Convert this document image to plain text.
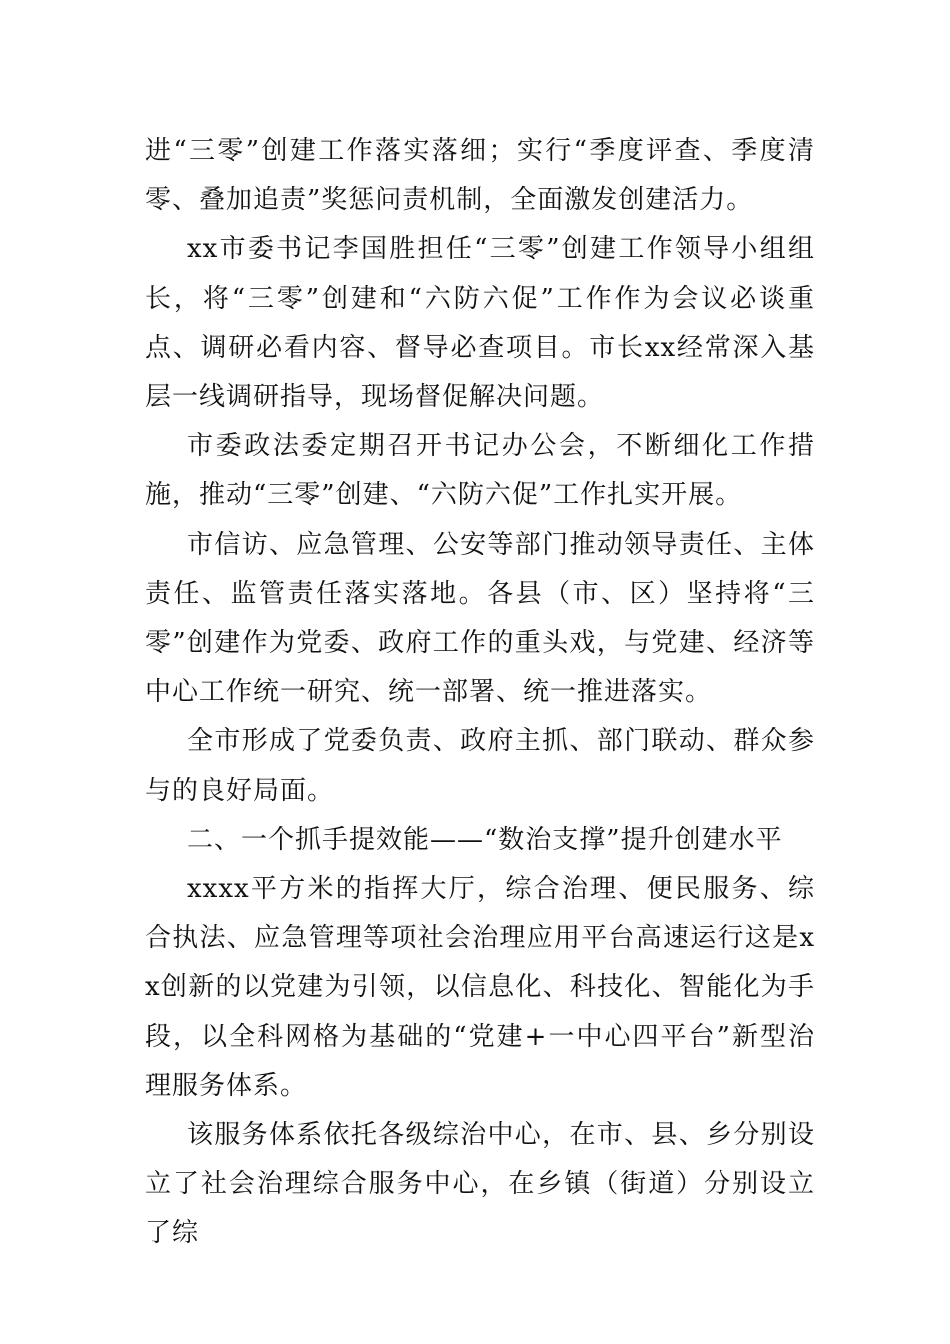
进“三零”创建工作落实落细；实行“季度评查、季度清零、叠加追责”奖惩问责机制，全面激发创建活力。

xx市委书记李国胜担任“三零”创建工作领导小组组长，将“三零”创建和“六防六促”工作作为会议必谈重点、调研必看内容、督导必查项目。市长xx经常深入基层一线调研指导，现场督促解决问题。

市委政法委定期召开书记办公会，不断细化工作措施，推动“三零”创建、“六防六促”工作扎实开展。

市信访、应急管理、公安等部门推动领导责任、主体责任、监管责任落实落地。各县（市、区）坚持将“三零”创建作为党委、政府工作的重头戏，与党建、经济等中心工作统一研究、统一部署、统一推进落实。

全市形成了党委负责、政府主抓、部门联动、群众参与的良好局面。

二、一个抓手提效能——“数治支撑”提升创建水平

xxxx平方米的指挥大厅，综合治理、便民服务、综合执法、应急管理等项社会治理应用平台高速运行这是xx创新的以党建为引领，以信息化、科技化、智能化为手段，以全科网格为基础的“党建+一中心四平台”新型治理服务体系。

该服务体系依托各级综治中心，在市、县、乡分别设立了社会治理综合服务中心，在乡镇（街道）分别设立了综
